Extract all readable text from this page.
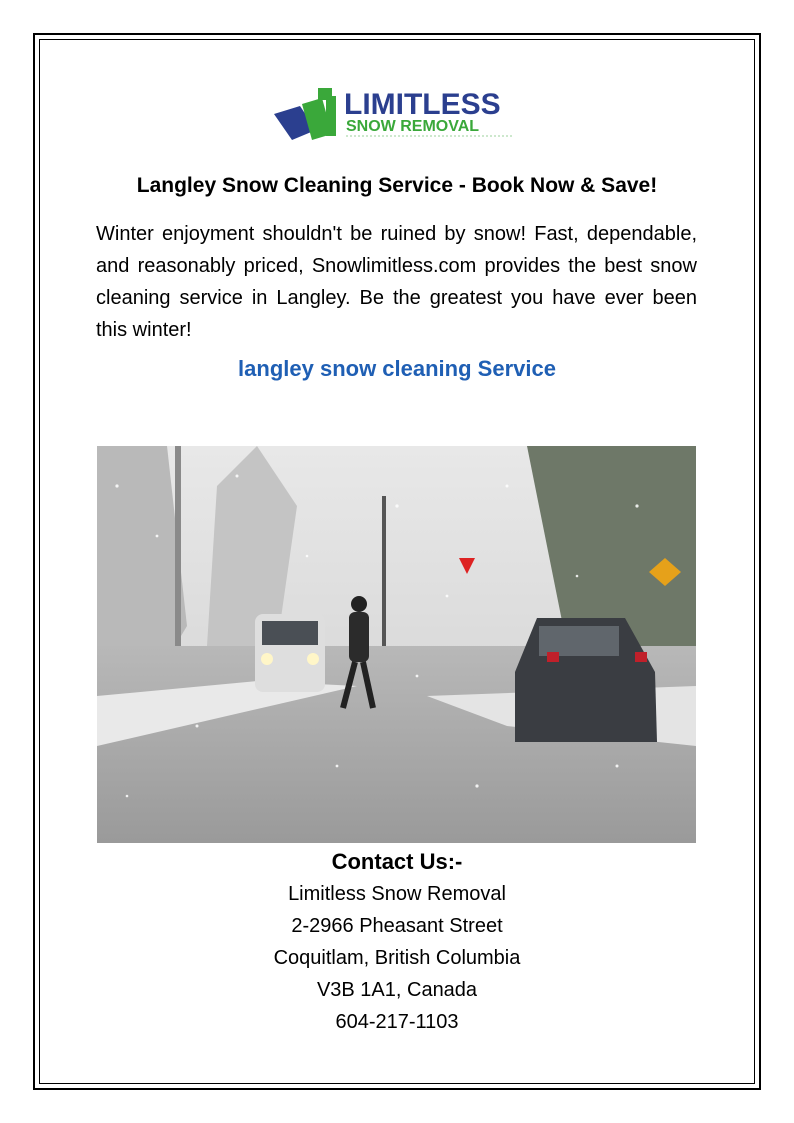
LIMITLESS
SNOW REMOVAL
Langley Snow Cleaning Service - Book Now & Save!
Winter enjoyment shouldn't be ruined by snow! Fast, dependable, and reasonably priced, Snowlimitless.com provides the best snow cleaning service in Langley. Be the greatest you have ever been this winter!
langley snow cleaning Service
Contact Us:-
Limitless Snow Removal
2-2966 Pheasant Street
Coquitlam, British Columbia
V3B 1A1, Canada
604-217-1103
